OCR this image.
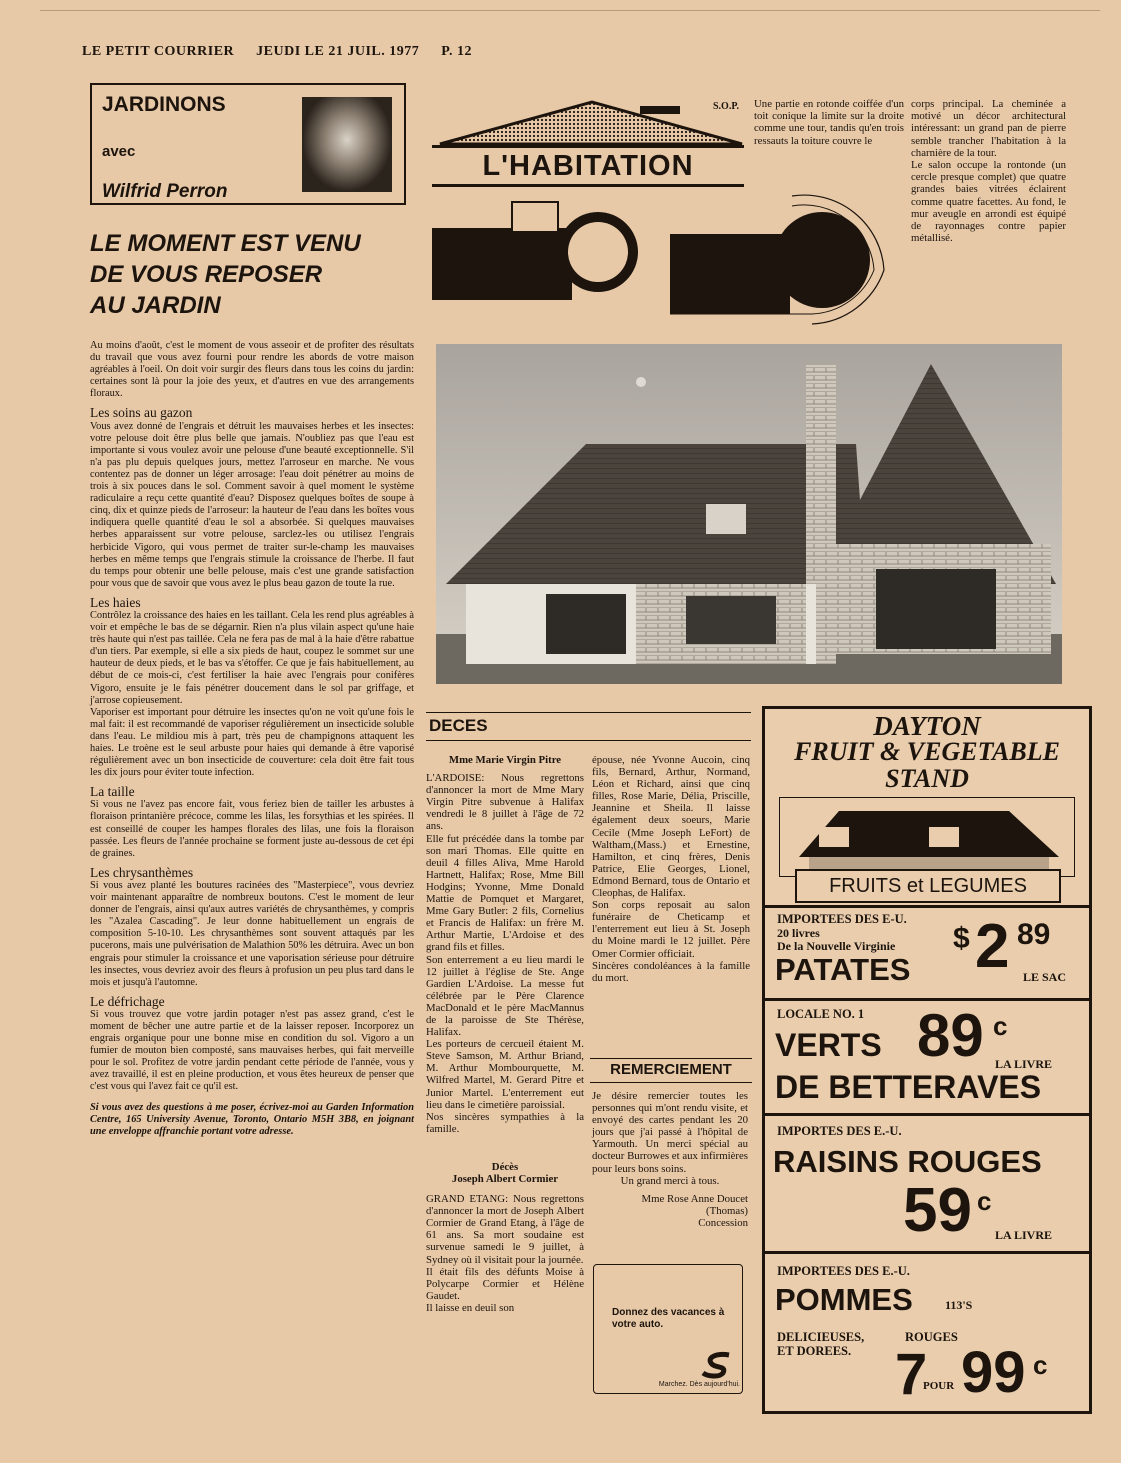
LE PETIT COURRIER JEUDI LE 21 JUIL. 1977 P. 12
JARDINONS
avec
Wilfrid Perron
LE MOMENT EST VENU
DE VOUS REPOSER
AU JARDIN

Au moins d'août, c'est le moment de vous asseoir et de profiter des résultats du travail que vous avez fourni pour rendre les abords de votre maison agréables à l'oeil. On doit voir surgir des fleurs dans tous les coins du jardin: certaines sont là pour la joie des yeux, et d'autres en vue des arrangements floraux.

Les soins au gazon

Vous avez donné de l'engrais et détruit les mauvaises herbes et les insectes: votre pelouse doit être plus belle que jamais. N'oubliez pas que l'eau est importante si vous voulez avoir une pelouse d'une beauté exceptionnelle. S'il n'a pas plu depuis quelques jours, mettez l'arroseur en marche. Ne vous contentez pas de donner un léger arrosage: l'eau doit pénétrer au moins de trois à six pouces dans le sol. Comment savoir à quel moment le système radiculaire a reçu cette quantité d'eau? Disposez quelques boîtes de soupe à cinq, dix et quinze pieds de l'arroseur: la hauteur de l'eau dans les boîtes vous indiquera quelle quantité d'eau le sol a absorbée. Si quelques mauvaises herbes apparaissent sur votre pelouse, sarclez-les ou utilisez l'engrais herbicide Vigoro, qui vous permet de traiter sur-le-champ les mauvaises herbes en même temps que l'engrais stimule la croissance de l'herbe. Il faut du temps pour obtenir une belle pelouse, mais c'est une grande satisfaction pour vous que de savoir que vous avez le plus beau gazon de toute la rue.

Les haies

Contrôlez la croissance des haies en les taillant. Cela les rend plus agréables à voir et empêche le bas de se dégarnir. Rien n'a plus vilain aspect qu'une haie très haute qui n'est pas taillée. Cela ne fera pas de mal à la haie d'être rabattue d'un tiers. Par exemple, si elle a six pieds de haut, coupez le sommet sur une hauteur de deux pieds, et le bas va s'étoffer. Ce que je fais habituellement, au début de ce mois-ci, c'est fertiliser la haie avec l'engrais pour conifères Vigoro, ensuite je le fais pénétrer doucement dans le sol par griffage, et j'arrose copieusement.

Vaporiser est important pour détruire les insectes qu'on ne voit qu'une fois le mal fait: il est recommandé de vaporiser régulièrement un insecticide soluble dans l'eau. Le mildiou mis à part, très peu de champignons attaquent les haies. Le troène est le seul arbuste pour haies qui demande à être vaporisé régulièrement avec un bon insecticide de couverture: cela doit être fait tous les dix jours pour éviter toute infection.

La taille

Si vous ne l'avez pas encore fait, vous feriez bien de tailler les arbustes à floraison printanière précoce, comme les lilas, les forsythias et les spirées. Il est conseillé de couper les hampes florales des lilas, une fois la floraison passée. Les fleurs de l'année prochaine se forment juste au-dessous de cet épi de graines.

Les chrysanthèmes

Si vous avez planté les boutures racinées des "Masterpiece", vous devriez voir maintenant apparaître de nombreux boutons. C'est le moment de leur donner de l'engrais, ainsi qu'aux autres variétés de chrysanthèmes, y compris les "Azalea Cascading". Je leur donne habituellement un engrais de composition 5-10-10. Les chrysanthèmes sont souvent attaqués par les pucerons, mais une pulvérisation de Malathion 50% les détruira. Avec un bon engrais pour stimuler la croissance et une vaporisation sérieuse pour détruire les insectes, vous devriez avoir des fleurs à profusion un peu plus tard dans le mois et jusqu'à l'automne.

Le défrichage

Si vous trouvez que votre jardin potager n'est pas assez grand, c'est le moment de bêcher une autre partie et de la laisser reposer. Incorporez un engrais organique pour une bonne mise en condition du sol. Vigoro a un fumier de mouton bien composté, sans mauvaises herbes, qui fait merveille pour le sol. Profitez de votre jardin pendant cette période de l'année, vous y avez travaillé, il est en pleine production, et vous êtes heureux de penser que c'est vous qui l'avez fait ce qu'il est.

Si vous avez des questions à me poser, écrivez-moi au Garden Information Centre, 165 University Avenue, Toronto, Ontario M5H 3B8, en joignant une enveloppe affranchie portant votre adresse.

S.O.P.
L'HABITATION

Une partie en rotonde coiffée d'un toit conique la limite sur la droite comme une tour, tandis qu'en trois ressauts la toiture couvre le

corps principal. La cheminée a motivé un décor architectural intéressant: un grand pan de pierre semble trancher l'habitation à la charnière de la tour.

Le salon occupe la rontonde (un cercle presque complet) que quatre grandes baies vitrées éclairent comme quatre facettes. Au fond, le mur aveugle en arrondi est équipé de rayonnages contre papier métallisé.

DECES

Mme Marie Virgin Pitre

L'ARDOISE: Nous regrettons d'annoncer la mort de Mme Mary Virgin Pitre subvenue à Halifax vendredi le 8 juillet à l'âge de 72 ans.

Elle fut précédée dans la tombe par son mari Thomas. Elle quitte en deuil 4 filles Aliva, Mme Harold Hartnett, Halifax; Rose, Mme Bill Hodgins; Yvonne, Mme Donald Mattie de Pomquet et Margaret, Mme Gary Butler: 2 fils, Cornelius et Francis de Halifax: un frère M. Arthur Martie, L'Ardoise et des grand fils et filles.

Son enterrement a eu lieu mardi le 12 juillet à l'église de Ste. Ange Gardien L'Ardoise. La messe fut célébrée par le Père Clarence MacDonald et le père MacMannus de la paroisse de Ste Thérèse, Halifax.

Les porteurs de cercueil étaient M. Steve Samson, M. Arthur Briand, M. Arthur Mombourquette, M. Wilfred Martel, M. Gerard Pitre et Junior Martel. L'enterrement eut lieu dans le cimetière paroissial.

Nos sincères sympathies à la famille.

Décès

Joseph Albert Cormier

GRAND ETANG: Nous regrettons d'annoncer la mort de Joseph Albert Cormier de Grand Etang, à l'âge de 61 ans. Sa mort soudaine est survenue samedi le 9 juillet, à Sydney où il visitait pour la journée.

Il était fils des défunts Moise à Polycarpe Cormier et Hélène Gaudet.

Il laisse en deuil son

épouse, née Yvonne Aucoin, cinq fils, Bernard, Arthur, Normand, Léon et Richard, ainsi que cinq filles, Rose Marie, Délia, Priscille, Jeannine et Sheila. Il laisse également deux soeurs, Marie Cecile (Mme Joseph LeFort) de Waltham,(Mass.) et Ernestine, Hamilton, et cinq frères, Denis Patrice, Elie Georges, Lionel, Edmond Bernard, tous de Ontario et Cleophas, de Halifax.

Son corps reposait au salon funéraire de Cheticamp et l'enterrement eut lieu à St. Joseph du Moine mardi le 12 juillet. Père Omer Cormier officiait.

Sincères condoléances à la famille du mort.

REMERCIEMENT

Je désire remercier toutes les personnes qui m'ont rendu visite, et envoyé des cartes pendant les 20 jours que j'ai passé à l'hôpital de Yarmouth. Un merci spécial au docteur Burrowes et aux infirmières pour leurs bons soins.

Un grand merci à tous.

Mme Rose Anne Doucet

(Thomas)

Concession

Donnez des vacances à votre auto.
Marchez. Dès aujourd'hui.
DAYTON
FRUIT & VEGETABLE
STAND
FRUITS et LEGUMES
IMPORTEES DES E-U.
20 livres
De la Nouvelle Virginie
PATATES
$ 2 89
LE SAC
LOCALE NO. 1
VERTS 89 c
LA LIVRE
DE BETTERAVES
IMPORTES DES E.-U.
RAISINS ROUGES
59 c
LA LIVRE
IMPORTEES DES E.-U.
POMMES	113'S
DELICIEUSES,
ET DOREES.
ROUGES
7
POUR 99 c
